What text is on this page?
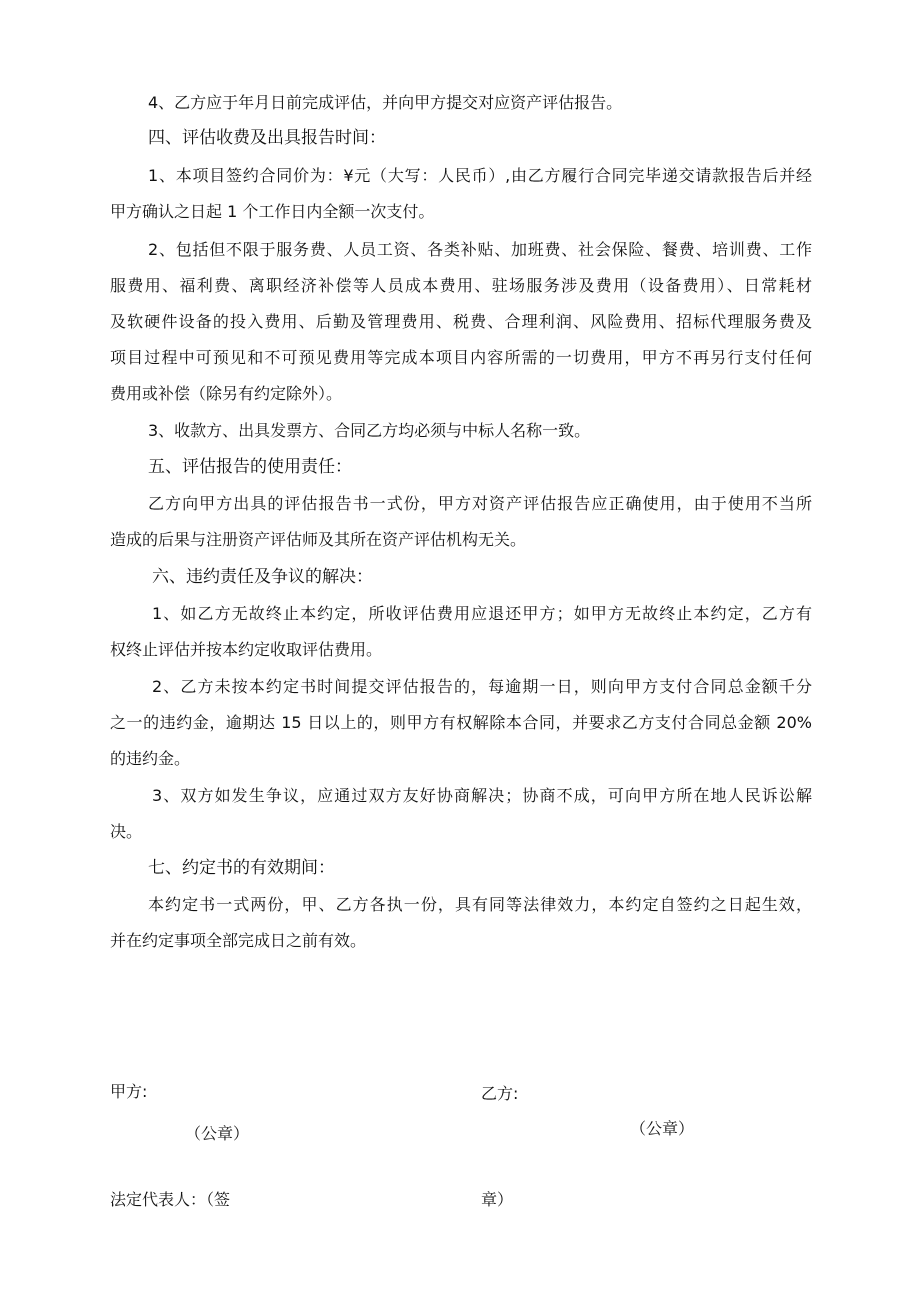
4、乙方应于年月日前完成评估，并向甲方提交对应资产评估报告。
四、评估收费及出具报告时间：
1、本项目签约合同价为：¥元（大写：人民币）,由乙方履行合同完毕递交请款报告后并经
甲方确认之日起 1 个工作日内全额一次支付。
2、包括但不限于服务费、人员工资、各类补贴、加班费、社会保险、餐费、培训费、工作
服费用、福利费、离职经济补偿等人员成本费用、驻场服务涉及费用（设备费用）、日常耗材
及软硬件设备的投入费用、后勤及管理费用、税费、合理利润、风险费用、招标代理服务费及
项目过程中可预见和不可预见费用等完成本项目内容所需的一切费用，甲方不再另行支付任何
费用或补偿（除另有约定除外）。
3、收款方、出具发票方、合同乙方均必须与中标人名称一致。
五、评估报告的使用责任：
乙方向甲方出具的评估报告书一式份，甲方对资产评估报告应正确使用，由于使用不当所
造成的后果与注册资产评估师及其所在资产评估机构无关。
六、违约责任及争议的解决：
1、如乙方无故终止本约定，所收评估费用应退还甲方；如甲方无故终止本约定，乙方有
权终止评估并按本约定收取评估费用。
2、乙方未按本约定书时间提交评估报告的，每逾期一日，则向甲方支付合同总金额千分
之一的违约金，逾期达 15 日以上的，则甲方有权解除本合同，并要求乙方支付合同总金额 20%
的违约金。
3、双方如发生争议，应通过双方友好协商解决；协商不成，可向甲方所在地人民诉讼解
决。
七、约定书的有效期间：
本约定书一式两份，甲、乙方各执一份，具有同等法律效力，本约定自签约之日起生效，
并在约定事项全部完成日之前有效。
甲方:	乙方:
（公章）	（公章）
法定代表人：（签	章）
